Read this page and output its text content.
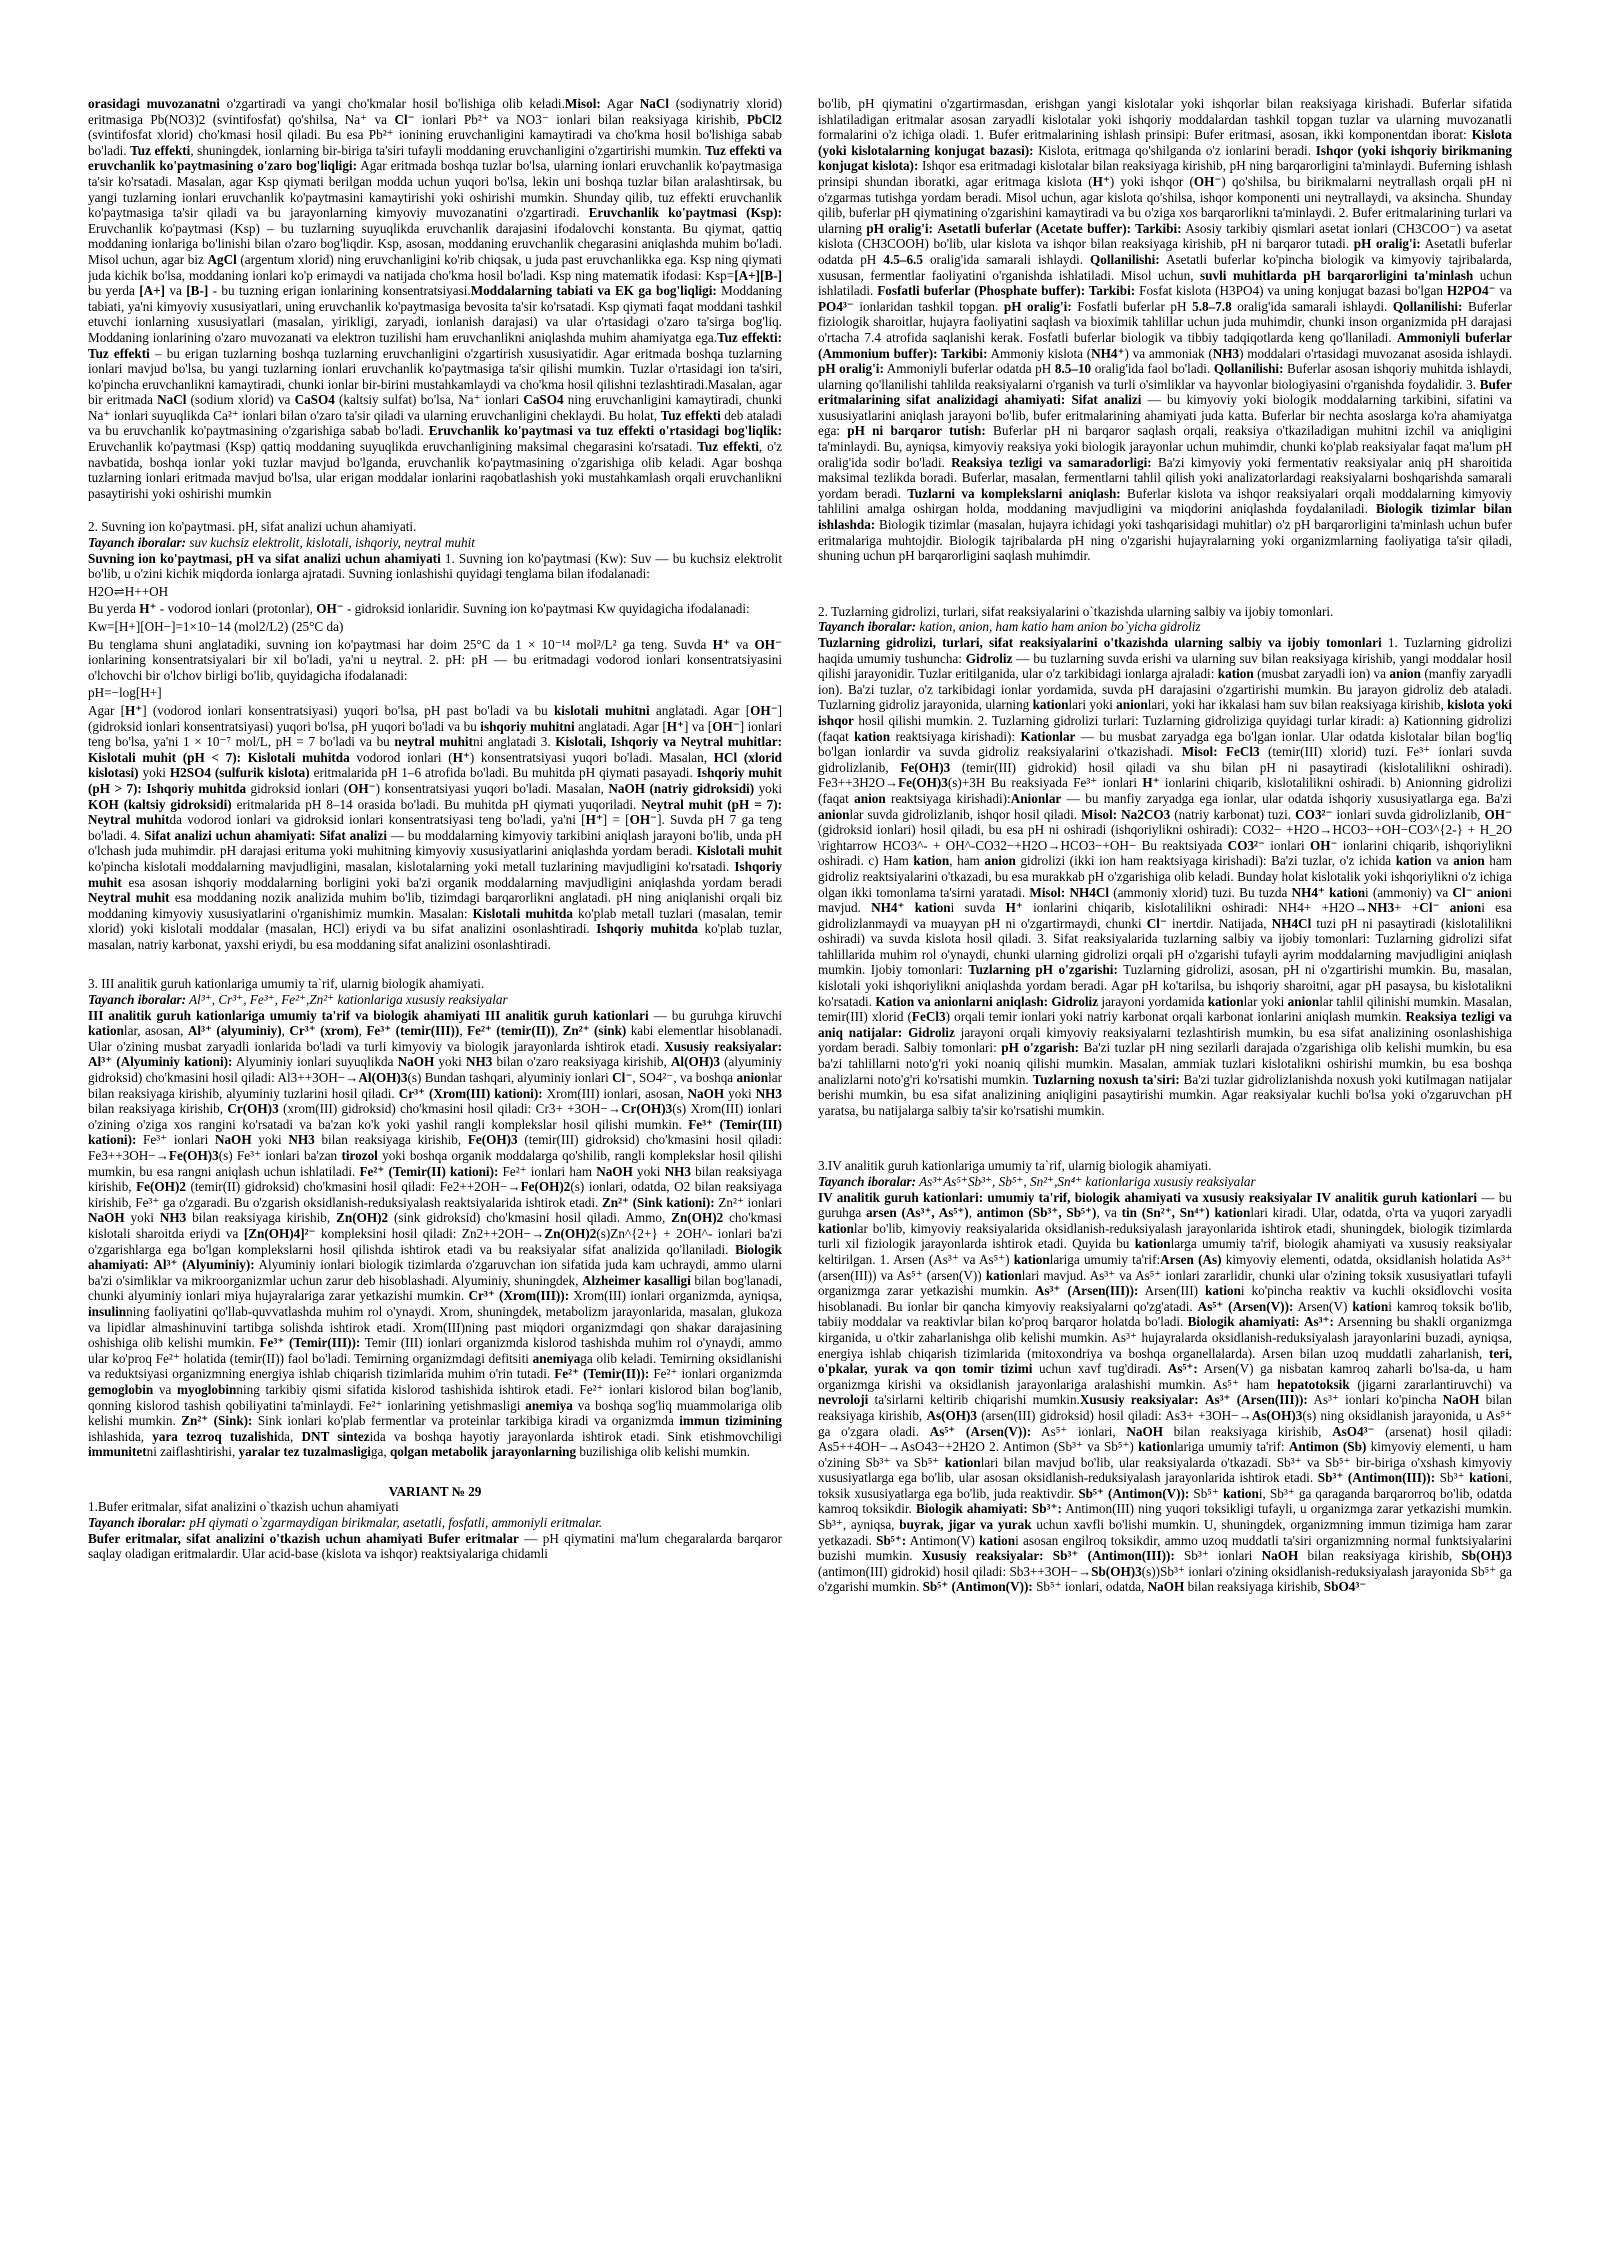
orasidagi muvozanatni o'zgartiradi va yangi cho'kmalar hosil bo'lishiga olib keladi.Misol: Agar NaCl (sodiynatriy xlorid) eritmasiga Pb(NO3)2 (svintifosfat) qo'shilsa, Na⁺ va Cl⁻ ionlari Pb²⁺ va NO3⁻ ionlari bilan reaksiyaga kirishib, PbCl2 (svintifosfat xlorid) cho'kmasi hosil qiladi. Bu esa Pb²⁺ ionining eruvchanligini kamaytiradi va cho'kma hosil bo'lishiga sabab bo'ladi. Tuz effekti, shuningdek, ionlarning bir-biriga ta'siri tufayli moddaning eruvchanligini o'zgartirishi mumkin. Tuz effekti va eruvchanlik ko'paytmasining o'zaro bog'liqligi: Agar eritmada boshqa tuzlar bo'lsa, ularning ionlari eruvchanlik ko'paytmasiga ta'sir ko'rsatadi. Masalan, agar Ksp qiymati berilgan modda uchun yuqori bo'lsa, lekin uni boshqa tuzlar bilan aralashtirsak, bu yangi tuzlarning ionlari eruvchanlik ko'paytmasini kamaytirishi yoki oshirishi mumkin. Shunday qilib, tuz effekti eruvchanlik ko'paytmasiga ta'sir qiladi va bu jarayonlarning kimyoviy muvozanatini o'zgartiradi. Eruvchanlik ko'paytmasi (Ksp): Eruvchanlik ko'paytmasi (Ksp) – bu tuzlarning suyuqlikda eruvchanlik darajasini ifodalovchi konstanta. Bu qiymat, qattiq moddaning ionlariga bo'linishi bilan o'zaro bog'liqdir. Ksp, asosan, moddaning eruvchanlik chegarasini aniqlashda muhim bo'ladi. Misol uchun, agar biz AgCl (argentum xlorid) ning eruvchanligini ko'rib chiqsak, u juda past eruvchanlikka ega. Ksp ning qiymati juda kichik bo'lsa, moddaning ionlari ko'p erimaydi va natijada cho'kma hosil bo'ladi. Ksp ning matematik ifodasi: Ksp=[A+][B-] bu yerda [A+] va [B-] - bu tuzning erigan ionlarining konsentratsiyasi.Moddalarning tabiati va EK ga bog'liqligi: Moddaning tabiati, ya'ni kimyoviy xususiyatlari, uning eruvchanlik ko'paytmasiga bevosita ta'sir ko'rsatadi. Ksp qiymati faqat moddani tashkil etuvchi ionlarning xususiyatlari (masalan, yirikligi, zaryadi, ionlanish darajasi) va ular o'rtasidagi o'zaro ta'sirga bog'liq. Moddaning ionlarining o'zaro muvozanati va elektron tuzilishi ham eruvchanlikni aniqlashda muhim ahamiyatga ega.Tuz effekti: Tuz effekti – bu erigan tuzlarning boshqa tuzlarning eruvchanligini o'zgartirish xususiyatidir. Agar eritmada boshqa tuzlarning ionlari mavjud bo'lsa, bu yangi tuzlarning ionlari eruvchanlik ko'paytmasiga ta'sir qilishi mumkin. Tuzlar o'rtasidagi ion ta'siri, ko'pincha eruvchanlikni kamaytiradi, chunki ionlar bir-birini mustahkamlaydi va cho'kma hosil qilishni tezlashtiradi.Masalan, agar bir eritmada NaCl (sodium xlorid) va CaSO4 (kaltsiy sulfat) bo'lsa, Na⁺ ionlari CaSO4 ning eruvchanligini kamaytiradi, chunki Na⁺ ionlari suyuqlikda Ca²⁺ ionlari bilan o'zaro ta'sir qiladi va ularning eruvchanligini cheklaydi. Bu holat, Tuz effekti deb ataladi va bu eruvchanlik ko'paytmasining o'zgarishiga sabab bo'ladi. Eruvchanlik ko'paytmasi va tuz effekti o'rtasidagi bog'liqlik: Eruvchanlik ko'paytmasi (Ksp) qattiq moddaning suyuqlikda eruvchanligining maksimal chegarasini ko'rsatadi. Tuz effekti, o'z navbatida, boshqa ionlar yoki tuzlar mavjud bo'lganda, eruvchanlik ko'paytmasining o'zgarishiga olib keladi. Agar boshqa tuzlarning ionlari eritmada mavjud bo'lsa, ular erigan moddalar ionlarini raqobatlashish yoki mustahkamlash orqali eruvchanlikni pasaytirishi yoki oshirishi mumkin

2. Suvning ion ko'paytmasi. pH, sifat analizi uchun ahamiyati.

Tayanch iboralar: suv kuchsiz elektrolit, kislotali, ishqoriy, neytral muhit

Suvning ion ko'paytmasi, pH va sifat analizi uchun ahamiyati 1. Suvning ion ko'paytmasi (Kw): Suv — bu kuchsiz elektrolit bo'lib, u o'zini kichik miqdorda ionlarga ajratadi. Suvning ionlashishi quyidagi tenglama bilan ifodalanadi:

H2O⇌H++OH

Bu yerda H⁺ - vodorod ionlari (protonlar), OH⁻ - gidroksid ionlaridir. Suvning ion ko'paytmasi Kw quyidagicha ifodalanadi:

Kw=[H+][OH−]=1×10−14 (mol2/L2) (25°C da)

Bu tenglama shuni anglatadiki, suvning ion ko'paytmasi har doim 25°C da 1 × 10⁻¹⁴ mol²/L² ga teng. Suvda H⁺ va OH⁻ ionlarining konsentratsiyalari bir xil bo'ladi, ya'ni u neytral. 2. pH: pH — bu eritmadagi vodorod ionlari konsentratsiyasini o'lchovchi bir o'lchov birligi bo'lib, quyidagicha ifodalanadi:

pH=−log[H+]

Agar [H⁺] (vodorod ionlari konsentratsiyasi) yuqori bo'lsa, pH past bo'ladi va bu kislotali muhitni anglatadi. Agar [OH⁻] (gidroksid ionlari konsentratsiyasi) yuqori bo'lsa, pH yuqori bo'ladi va bu ishqoriy muhitni anglatadi. Agar [H⁺] va [OH⁻] ionlari teng bo'lsa, ya'ni 1 × 10⁻⁷ mol/L, pH = 7 bo'ladi va bu neytral muhitni anglatadi 3. Kislotali, Ishqoriy va Neytral muhitlar: Kislotali muhit (pH < 7): Kislotali muhitda vodorod ionlari (H⁺) konsentratsiyasi yuqori bo'ladi. Masalan, HCl (xlorid kislotasi) yoki H2SO4 (sulfurik kislota) eritmalarida pH 1–6 atrofida bo'ladi. Bu muhitda pH qiymati pasayadi. Ishqoriy muhit (pH > 7): Ishqoriy muhitda gidroksid ionlari (OH⁻) konsentratsiyasi yuqori bo'ladi. Masalan, NaOH (natriy gidroksidi) yoki KOH (kaltsiy gidroksidi) eritmalarida pH 8–14 orasida bo'ladi. Bu muhitda pH qiymati yuqoriladi. Neytral muhit (pH = 7): Neytral muhitda vodorod ionlari va gidroksid ionlari konsentratsiyasi teng bo'ladi, ya'ni [H⁺] = [OH⁻]. Suvda pH 7 ga teng bo'ladi. 4. Sifat analizi uchun ahamiyati: Sifat analizi — bu moddalarning kimyoviy tarkibini aniqlash jarayoni bo'lib, unda pH o'lchash juda muhimdir. pH darajasi erituma yoki muhitning kimyoviy xususiyatlarini aniqlashda yordam beradi. Kislotali muhit ko'pincha kislotali moddalarning mavjudligini, masalan, kislotalarning yoki metall tuzlarining mavjudligini ko'rsatadi. Ishqoriy muhit esa asosan ishqoriy moddalarning borligini yoki ba'zi organik moddalarning mavjudligini aniqlashda yordam beradi Neytral muhit esa moddaning nozik analizida muhim bo'lib, tizimdagi barqarorlikni anglatadi. pH ning aniqlanishi orqali biz moddaning kimyoviy xususiyatlarini o'rganishimiz mumkin. Masalan: Kislotali muhitda ko'plab metall tuzlari (masalan, temir xlorid) yoki kislotali moddalar (masalan, HCl) eriydi va bu sifat analizini osonlashtiradi. Ishqoriy muhitda ko'plab tuzlar, masalan, natriy karbonat, yaxshi eriydi, bu esa moddaning sifat analizini osonlashtiradi.

3. III analitik guruh kationlariga umumiy ta`rif, ularnig biologik ahamiyati.

Tayanch iboralar: Al³⁺, Cr³⁺, Fe³⁺, Fe²⁺,Zn²⁺ kationlariga xususiy reaksiyalar

III analitik guruh kationlariga umumiy ta'rif va biologik ahamiyati III analitik guruh kationlari — bu guruhga kiruvchi kationlar, asosan, Al³⁺ (alyuminiy), Cr³⁺ (xrom), Fe³⁺ (temir(III)), Fe²⁺ (temir(II)), Zn²⁺ (sink) kabi elementlar hisoblanadi. Ular o'zining musbat zaryadli ionlarida bo'ladi va turli kimyoviy va biologik jarayonlarda ishtirok etadi. Xususiy reaksiyalar: Al³⁺ (Alyuminiy kationi): Alyuminiy ionlari suyuqlikda NaOH yoki NH3 bilan o'zaro reaksiyaga kirishib, Al(OH)3 (alyuminiy gidroksid) cho'kmasini hosil qiladi: Al3++3OH−→Al(OH)3(s) Bundan tashqari, alyuminiy ionlari Cl⁻, SO4²⁻, va boshqa anionlar bilan reaksiyaga kirishib, alyuminiy tuzlarini hosil qiladi. Cr³⁺ (Xrom(III) kationi): Xrom(III) ionlari, asosan, NaOH yoki NH3 bilan reaksiyaga kirishib, Cr(OH)3 (xrom(III) gidroksid) cho'kmasini hosil qiladi: Cr3+ +3OH−→Cr(OH)3(s) Xrom(III) ionlari o'zining o'ziga xos rangini ko'rsatadi va ba'zan ko'k yoki yashil rangli komplekslar hosil qilishi mumkin. Fe³⁺ (Temir(III) kationi): Fe³⁺ ionlari NaOH yoki NH3 bilan reaksiyaga kirishib, Fe(OH)3 (temir(III) gidroksid) cho'kmasini hosil qiladi: Fe3++3OH−→Fe(OH)3(s) Fe³⁺ ionlari ba'zan tirozol yoki boshqa organik moddalarga qo'shilib, rangli komplekslar hosil qilishi mumkin, bu esa rangni aniqlash uchun ishlatiladi. Fe²⁺ (Temir(II) kationi): Fe²⁺ ionlari ham NaOH yoki NH3 bilan reaksiyaga kirishib, Fe(OH)2 (temir(II) gidroksid) cho'kmasini hosil qiladi: Fe2++2OH−→Fe(OH)2(s) ionlari, odatda, O2 bilan reaksiyaga kirishib, Fe³⁺ ga o'zgaradi. Bu o'zgarish oksidlanish-reduksiyalash reaktsiyalarida ishtirok etadi. Zn²⁺ (Sink kationi): Zn²⁺ ionlari NaOH yoki NH3 bilan reaksiyaga kirishib, Zn(OH)2 (sink gidroksid) cho'kmasini hosil qiladi. Ammo, Zn(OH)2 cho'kmasi kislotali sharoitda eriydi va [Zn(OH)4]²⁻ kompleksini hosil qiladi: Zn2++2OH−→Zn(OH)2(s)Zn^{2+} + 2OH^- ionlari ba'zi o'zgarishlarga ega bo'lgan komplekslarni hosil qilishda ishtirok etadi va bu reaksiyalar sifat analizida qo'llaniladi. Biologik ahamiyati: Al³⁺ (Alyuminiy): Alyuminiy ionlari biologik tizimlarda o'zgaruvchan ion sifatida juda kam uchraydi, ammo ularni ba'zi o'simliklar va mikroorganizmlar uchun zarur deb hisoblashadi. Alyuminiy, shuningdek, Alzheimer kasalligi bilan bog'lanadi, chunki alyuminiy ionlari miya hujayralariga zarar yetkazishi mumkin. Cr³⁺ (Xrom(III)): Xrom(III) ionlari organizmda, ayniqsa, insulinning faoliyatini qo'llab-quvvatlashda muhim rol o'ynaydi. Xrom, shuningdek, metabolizm jarayonlarida, masalan, glukoza va lipidlar almashinuvini tartibga solishda ishtirok etadi. Xrom(III)ning past miqdori organizmdagi qon shakar darajasining oshishiga olib kelishi mumkin. Fe³⁺ (Temir(III)): Temir (III) ionlari organizmda kislorod tashishda muhim rol o'ynaydi, ammo ular ko'proq Fe²⁺ holatida (temir(II)) faol bo'ladi. Temirning organizmdagi defitsiti anemiyaga olib keladi. Temirning oksidlanishi va reduktsiyasi organizmning energiya ishlab chiqarish tizimlarida muhim o'rin tutadi. Fe²⁺ (Temir(II)): Fe²⁺ ionlari organizmda gemoglobin va myoglobinning tarkibiy qismi sifatida kislorod tashishida ishtirok etadi. Fe²⁺ ionlari kislorod bilan bog'lanib, qonning kislorod tashish qobiliyatini ta'minlaydi. Fe²⁺ ionlarining yetishmasligi anemiya va boshqa sog'liq muammolariga olib kelishi mumkin. Zn²⁺ (Sink): Sink ionlari ko'plab fermentlar va proteinlar tarkibiga kiradi va organizmda immun tizimining ishlashida, yara tezroq tuzalishida, DNT sintezida va boshqa hayotiy jarayonlarda ishtirok etadi. Sink etishmovchiligi immunitetni zaiflashtirishi, yaralar tez tuzalmasligiga, qolgan metabolik jarayonlarning buzilishiga olib kelishi mumkin.

VARIANT № 29

1.Bufer eritmalar, sifat analizini o`tkazish uchun ahamiyati

Tayanch iboralar: pH qiymati o`zgarmaydigan birikmalar, asetatli, fosfatli, ammoniyli eritmalar.

Bufer eritmalar, sifat analizini o'tkazish uchun ahamiyati Bufer eritmalar — pH qiymatini ma'lum chegaralarda barqaror saqlay oladigan eritmalardir. Ular acid-base (kislota va ishqor) reaktsiyalariga chidamli

bo'lib, pH qiymatini o'zgartirmasdan, erishgan yangi kislotalar yoki ishqorlar bilan reaksiyaga kirishadi. Buferlar sifatida ishlatiladigan eritmalar asosan zaryadli kislotalar yoki ishqoriy moddalardan tashkil topgan tuzlar va ularning muvozanatli formalarini o'z ichiga oladi. 1. Bufer eritmalarining ishlash prinsipi: Bufer eritmasi, asosan, ikki komponentdan iborat: Kislota (yoki kislotalarning konjugat bazasi): Kislota, eritmaga qo'shilganda o'z ionlarini beradi. Ishqor (yoki ishqoriy birikmaning konjugat kislota): Ishqor esa eritmadagi kislotalar bilan reaksiyaga kirishib, pH ning barqarorligini ta'minlaydi. Buferning ishlash prinsipi shundan iboratki, agar eritmaga kislota (H⁺) yoki ishqor (OH⁻) qo'shilsa, bu birikmalarni neytrallash orqali pH ni o'zgarmas tutishga yordam beradi. Misol uchun, agar kislota qo'shilsa, ishqor komponenti uni neytrallaydi, va aksincha. Shunday qilib, buferlar pH qiymatining o'zgarishini kamaytiradi va bu o'ziga xos barqarorlikni ta'minlaydi. 2. Bufer eritmalarining turlari va ularning pH oralig'i: Asetatli buferlar (Acetate buffer): Tarkibi: Asosiy tarkibiy qismlari asetat ionlari (CH3COO⁻) va asetat kislota (CH3COOH) bo'lib, ular kislota va ishqor bilan reaksiyaga kirishib, pH ni barqaror tutadi. pH oralig'i: Asetatli buferlar odatda pH 4.5–6.5 oralig'ida samarali ishlaydi. Qollanilishi: Asetatli buferlar ko'pincha biologik va kimyoviy tajribalarda, xususan, fermentlar faoliyatini o'rganishda ishlatiladi. Misol uchun, suvli muhitlarda pH barqarorligini ta'minlash uchun ishlatiladi. Fosfatli buferlar (Phosphate buffer): Tarkibi: Fosfat kislota (H3PO4) va uning konjugat bazasi bo'lgan H2PO4⁻ va PO4³⁻ ionlaridan tashkil topgan. pH oralig'i: Fosfatli buferlar pH 5.8–7.8 oralig'ida samarali ishlaydi. Qollanilishi: Buferlar fiziologik sharoitlar, hujayra faoliyatini saqlash va bioximik tahlillar uchun juda muhimdir, chunki inson organizmida pH darajasi o'rtacha 7.4 atrofida saqlanishi kerak. Fosfatli buferlar biologik va tibbiy tadqiqotlarda keng qo'llaniladi. Ammoniyli buferlar (Ammonium buffer): Tarkibi: Ammoniy kislota (NH4⁺) va ammoniak (NH3) moddalari o'rtasidagi muvozanat asosida ishlaydi. pH oralig'i: Ammoniyli buferlar odatda pH 8.5–10 oralig'ida faol bo'ladi. Qollanilishi: Buferlar asosan ishqoriy muhitda ishlaydi, ularning qo'llanilishi tahlilda reaksiyalarni o'rganish va turli o'simliklar va hayvonlar biologiyasini o'rganishda foydalidir. 3. Bufer eritmalarining sifat analizidagi ahamiyati: Sifat analizi — bu kimyoviy yoki biologik moddalarning tarkibini, sifatini va xususiyatlarini aniqlash jarayoni bo'lib, bufer eritmalarining ahamiyati juda katta. Buferlar bir nechta asoslarga ko'ra ahamiyatga ega: pH ni barqaror tutish: Buferlar pH ni barqaror saqlash orqali, reaksiya o'tkaziladigan muhitni izchil va aniqligini ta'minlaydi. Bu, ayniqsa, kimyoviy reaksiya yoki biologik jarayonlar uchun muhimdir, chunki ko'plab reaksiyalar faqat ma'lum pH oralig'ida sodir bo'ladi. Reaksiya tezligi va samaradorligi: Ba'zi kimyoviy yoki fermentativ reaksiyalar aniq pH sharoitida maksimal tezlikda boradi. Buferlar, masalan, fermentlarni tahlil qilish yoki analizatorlardagi reaksiyalarni boshqarishda samarali yordam beradi. Tuzlarni va komplekslarni aniqlash: Buferlar kislota va ishqor reaksiyalari orqali moddalarning kimyoviy tahlilini amalga oshirgan holda, moddaning mavjudligini va miqdorini aniqlashda foydalaniladi. Biologik tizimlar bilan ishlashda: Biologik tizimlar (masalan, hujayra ichidagi yoki tashqarisidagi muhitlar) o'z pH barqarorligini ta'minlash uchun bufer eritmalariga muhtojdir. Biologik tajribalarda pH ning o'zgarishi hujayralarning yoki organizmlarning faoliyatiga ta'sir qiladi, shuning uchun pH barqarorligini saqlash muhimdir.

2. Tuzlarning gidrolizi, turlari, sifat reaksiyalarini o`tkazishda ularning salbiy va ijobiy tomonlari.

Tayanch iboralar: kation, anion, ham katio ham anion bo`yicha gidroliz

Tuzlarning gidrolizi, turlari, sifat reaksiyalarini o'tkazishda ularning salbiy va ijobiy tomonlari 1. Tuzlarning gidrolizi haqida umumiy tushuncha: Gidroliz — bu tuzlarning suvda erishi va ularning suv bilan reaksiyaga kirishib, yangi moddalar hosil qilishi jarayonidir. Tuzlar eritilganida, ular o'z tarkibidagi ionlarga ajraladi: kation (musbat zaryadli ion) va anion (manfiy zaryadli ion). Ba'zi tuzlar, o'z tarkibidagi ionlar yordamida, suvda pH darajasini o'zgartirishi mumkin. Bu jarayon gidroliz deb ataladi. Tuzlarning gidroliz jarayonida, ularning kationlari yoki anionlari, yoki har ikkalasi ham suv bilan reaksiyaga kirishib, kislota yoki ishqor hosil qilishi mumkin. 2. Tuzlarning gidrolizi turlari: Tuzlarning gidroliziga quyidagi turlar kiradi: a) Kationning gidrolizi (faqat kation reaktsiyaga kirishadi): Kationlar — bu musbat zaryadga ega bo'lgan ionlar. Ular odatda kislotalar bilan bog'liq bo'lgan ionlardir va suvda gidroliz reaksiyalarini o'tkazishadi. Misol: FeCl3 (temir(III) xlorid) tuzi. Fe³⁺ ionlari suvda gidrolizlanib, Fe(OH)3 (temir(III) gidrokid) hosil qiladi va shu bilan pH ni pasaytiradi (kislotalilikni oshiradi). Fe3++3H2O→Fe(OH)3(s)+3H Bu reaksiyada Fe³⁺ ionlari H⁺ ionlarini chiqarib, kislotalilikni oshiradi. b) Anionning gidrolizi (faqat anion reaktsiyaga kirishadi):Anionlar — bu manfiy zaryadga ega ionlar, ular odatda ishqoriy xususiyatlarga ega. Ba'zi anionlar suvda gidrolizlanib, ishqor hosil qiladi. Misol: Na2CO3 (natriy karbonat) tuzi. CO3²⁻ ionlari suvda gidrolizlanib, OH⁻ (gidroksid ionlari) hosil qiladi, bu esa pH ni oshiradi (ishqoriylikni oshiradi): CO32− +H2O→HCO3−+OH−CO3^{2-} + H_2O \rightarrow HCO3^- + OH^-CO32−+H2O→HCO3−+OH− Bu reaktsiyada CO3²⁻ ionlari OH⁻ ionlarini chiqarib, ishqoriylikni oshiradi. c) Ham kation, ham anion gidrolizi (ikki ion ham reaktsiyaga kirishadi): Ba'zi tuzlar, o'z ichida kation va anion ham gidroliz reaktsiyalarini o'tkazadi, bu esa murakkab pH o'zgarishiga olib keladi. Bunday holat kislotalik yoki ishqoriylikni o'z ichiga olgan ikki tomonlama ta'sirni yaratadi. Misol: NH4Cl (ammoniy xlorid) tuzi. Bu tuzda NH4⁺ kationi (ammoniy) va Cl⁻ anioni mavjud. NH4⁺ kationi suvda H⁺ ionlarini chiqarib, kislotalilikni oshiradi: NH4+ +H2O→NH3+ +Cl⁻ anioni esa gidrolizlanmaydi va muayyan pH ni o'zgartirmaydi, chunki Cl⁻ inertdir. Natijada, NH4Cl tuzi pH ni pasaytiradi (kislotalilikni oshiradi) va suvda kislota hosil qiladi. 3. Sifat reaksiyalarida tuzlarning salbiy va ijobiy tomonlari: Tuzlarning gidrolizi sifat tahlillarida muhim rol o'ynaydi, chunki ularning gidrolizi orqali pH o'zgarishi tufayli ayrim moddalarning mavjudligini aniqlash mumkin. Ijobiy tomonlari: Tuzlarning pH o'zgarishi: Tuzlarning gidrolizi, asosan, pH ni o'zgartirishi mumkin. Bu, masalan, kislotali yoki ishqoriylikni aniqlashda yordam beradi. Agar pH ko'tarilsa, bu ishqoriy sharoitni, agar pH pasaysa, bu kislotalikni ko'rsatadi. Kation va anionlarni aniqlash: Gidroliz jarayoni yordamida kationlar yoki anionlar tahlil qilinishi mumkin. Masalan, temir(III) xlorid (FeCl3) orqali temir ionlari yoki natriy karbonat orqali karbonat ionlarini aniqlash mumkin. Reaksiya tezligi va aniq natijalar: Gidroliz jarayoni orqali kimyoviy reaksiyalarni tezlashtirish mumkin, bu esa sifat analizining osonlashishiga yordam beradi. Salbiy tomonlari: pH o'zgarish: Ba'zi tuzlar pH ning sezilarli darajada o'zgarishiga olib kelishi mumkin, bu esa ba'zi tahlillarni noto'g'ri yoki noaniq qilishi mumkin. Masalan, ammiak tuzlari kislotalikni oshirishi mumkin, bu esa boshqa analizlarni noto'g'ri ko'rsatishi mumkin. Tuzlarning noxush ta'siri: Ba'zi tuzlar gidrolizlanishda noxush yoki kutilmagan natijalar berishi mumkin, bu esa sifat analizining aniqligini pasaytirishi mumkin. Agar reaksiyalar kuchli bo'lsa yoki o'zgaruvchan pH yaratsa, bu natijalarga salbiy ta'sir ko'rsatishi mumkin.

3.IV analitik guruh kationlariga umumiy ta`rif, ularnig biologik ahamiyati.

Tayanch iboralar: As³⁺As⁵⁺Sb³⁺, Sb⁵⁺, Sn²⁺,Sn⁴⁺ kationlariga xususiy reaksiyalar

IV analitik guruh kationlari: umumiy ta'rif, biologik ahamiyati va xususiy reaksiyalar IV analitik guruh kationlari — bu guruhga arsen (As³⁺, As⁵⁺), antimon (Sb³⁺, Sb⁵⁺), va tin (Sn²⁺, Sn⁴⁺) kationlari kiradi. Ular, odatda, o'rta va yuqori zaryadli kationlar bo'lib, kimyoviy reaksiyalarida oksidlanish-reduksiyalash jarayonlarida ishtirok etadi, shuningdek, biologik tizimlarda turli xil fiziologik jarayonlarda ishtirok etadi. Quyida bu kationlarga umumiy ta'rif, biologik ahamiyati va xususiy reaksiyalar keltirilgan. 1. Arsen (As³⁺ va As⁵⁺) kationlariga umumiy ta'rif:Arsen (As) kimyoviy elementi, odatda, oksidlanish holatida As³⁺ (arsen(III)) va As⁵⁺ (arsen(V)) kationlari mavjud. As³⁺ va As⁵⁺ ionlari zararlidir, chunki ular o'zining toksik xususiyatlari tufayli organizmga zarar yetkazishi mumkin. As³⁺ (Arsen(III)): Arsen(III) kationi ko'pincha reaktiv va kuchli oksidlovchi vosita hisoblanadi. Bu ionlar bir qancha kimyoviy reaksiyalarni qo'zg'atadi. As⁵⁺ (Arsen(V)): Arsen(V) kationi kamroq toksik bo'lib, tabiiy moddalar va reaktivlar bilan ko'proq barqaror holatda bo'ladi. Biologik ahamiyati: As³⁺: Arsenning bu shakli organizmga kirganida, u o'tkir zaharlanishga olib kelishi mumkin. As³⁺ hujayralarda oksidlanish-reduksiyalash jarayonlarini buzadi, ayniqsa, energiya ishlab chiqarish tizimlarida (mitoxondriya va boshqa organellalarda). Arsen bilan uzoq muddatli zaharlanish, teri, o'pkalar, yurak va qon tomir tizimi uchun xavf tug'diradi. As⁵⁺: Arsen(V) ga nisbatan kamroq zaharli bo'lsa-da, u ham organizmga kirishi va oksidlanish jarayonlariga aralashishi mumkin. As⁵⁺ ham hepatotoksik (jigarni zararlantiruvchi) va nevroloji ta'sirlarni keltirib chiqarishi mumkin.Xususiy reaksiyalar: As³⁺ (Arsen(III)): As³⁺ ionlari ko'pincha NaOH bilan reaksiyaga kirishib, As(OH)3 (arsen(III) gidroksid) hosil qiladi: As3+ +3OH−→As(OH)3(s) ning oksidlanish jarayonida, u As⁵⁺ ga o'zgara oladi. As⁵⁺ (Arsen(V)): As⁵⁺ ionlari, NaOH bilan reaksiyaga kirishib, AsO4³⁻ (arsenat) hosil qiladi: As5++4OH−→AsO43−+2H2O 2. Antimon (Sb³⁺ va Sb⁵⁺) kationlariga umumiy ta'rif: Antimon (Sb) kimyoviy elementi, u ham o'zining Sb³⁺ va Sb⁵⁺ kationlari bilan mavjud bo'lib, ular reaksiyalarda o'tkazadi. Sb³⁺ va Sb⁵⁺ bir-biriga o'xshash kimyoviy xususiyatlarga ega bo'lib, ular asosan oksidlanish-reduksiyalash jarayonlarida ishtirok etadi. Sb³⁺ (Antimon(III)): Sb³⁺ kationi, toksik xususiyatlarga ega bo'lib, juda reaktivdir. Sb⁵⁺ (Antimon(V)): Sb⁵⁺ kationi, Sb³⁺ ga qaraganda barqarorroq bo'lib, odatda kamroq toksikdir. Biologik ahamiyati: Sb³⁺: Antimon(III) ning yuqori toksikligi tufayli, u organizmga zarar yetkazishi mumkin. Sb³⁺, ayniqsa, buyrak, jigar va yurak uchun xavfli bo'lishi mumkin. U, shuningdek, organizmning immun tizimiga ham zarar yetkazadi. Sb⁵⁺: Antimon(V) kationi asosan engilroq toksikdir, ammo uzoq muddatli ta'siri organizmning normal funktsiyalarini buzishi mumkin. Xususiy reaksiyalar: Sb³⁺ (Antimon(III)): Sb³⁺ ionlari NaOH bilan reaksiyaga kirishib, Sb(OH)3 (antimon(III) gidrokid) hosil qiladi: Sb3++3OH−→Sb(OH)3(s))Sb³⁺ ionlari o'zining oksidlanish-reduksiyalash jarayonida Sb⁵⁺ ga o'zgarishi mumkin. Sb⁵⁺ (Antimon(V)): Sb⁵⁺ ionlari, odatda, NaOH bilan reaksiyaga kirishib, SbO4³⁻
